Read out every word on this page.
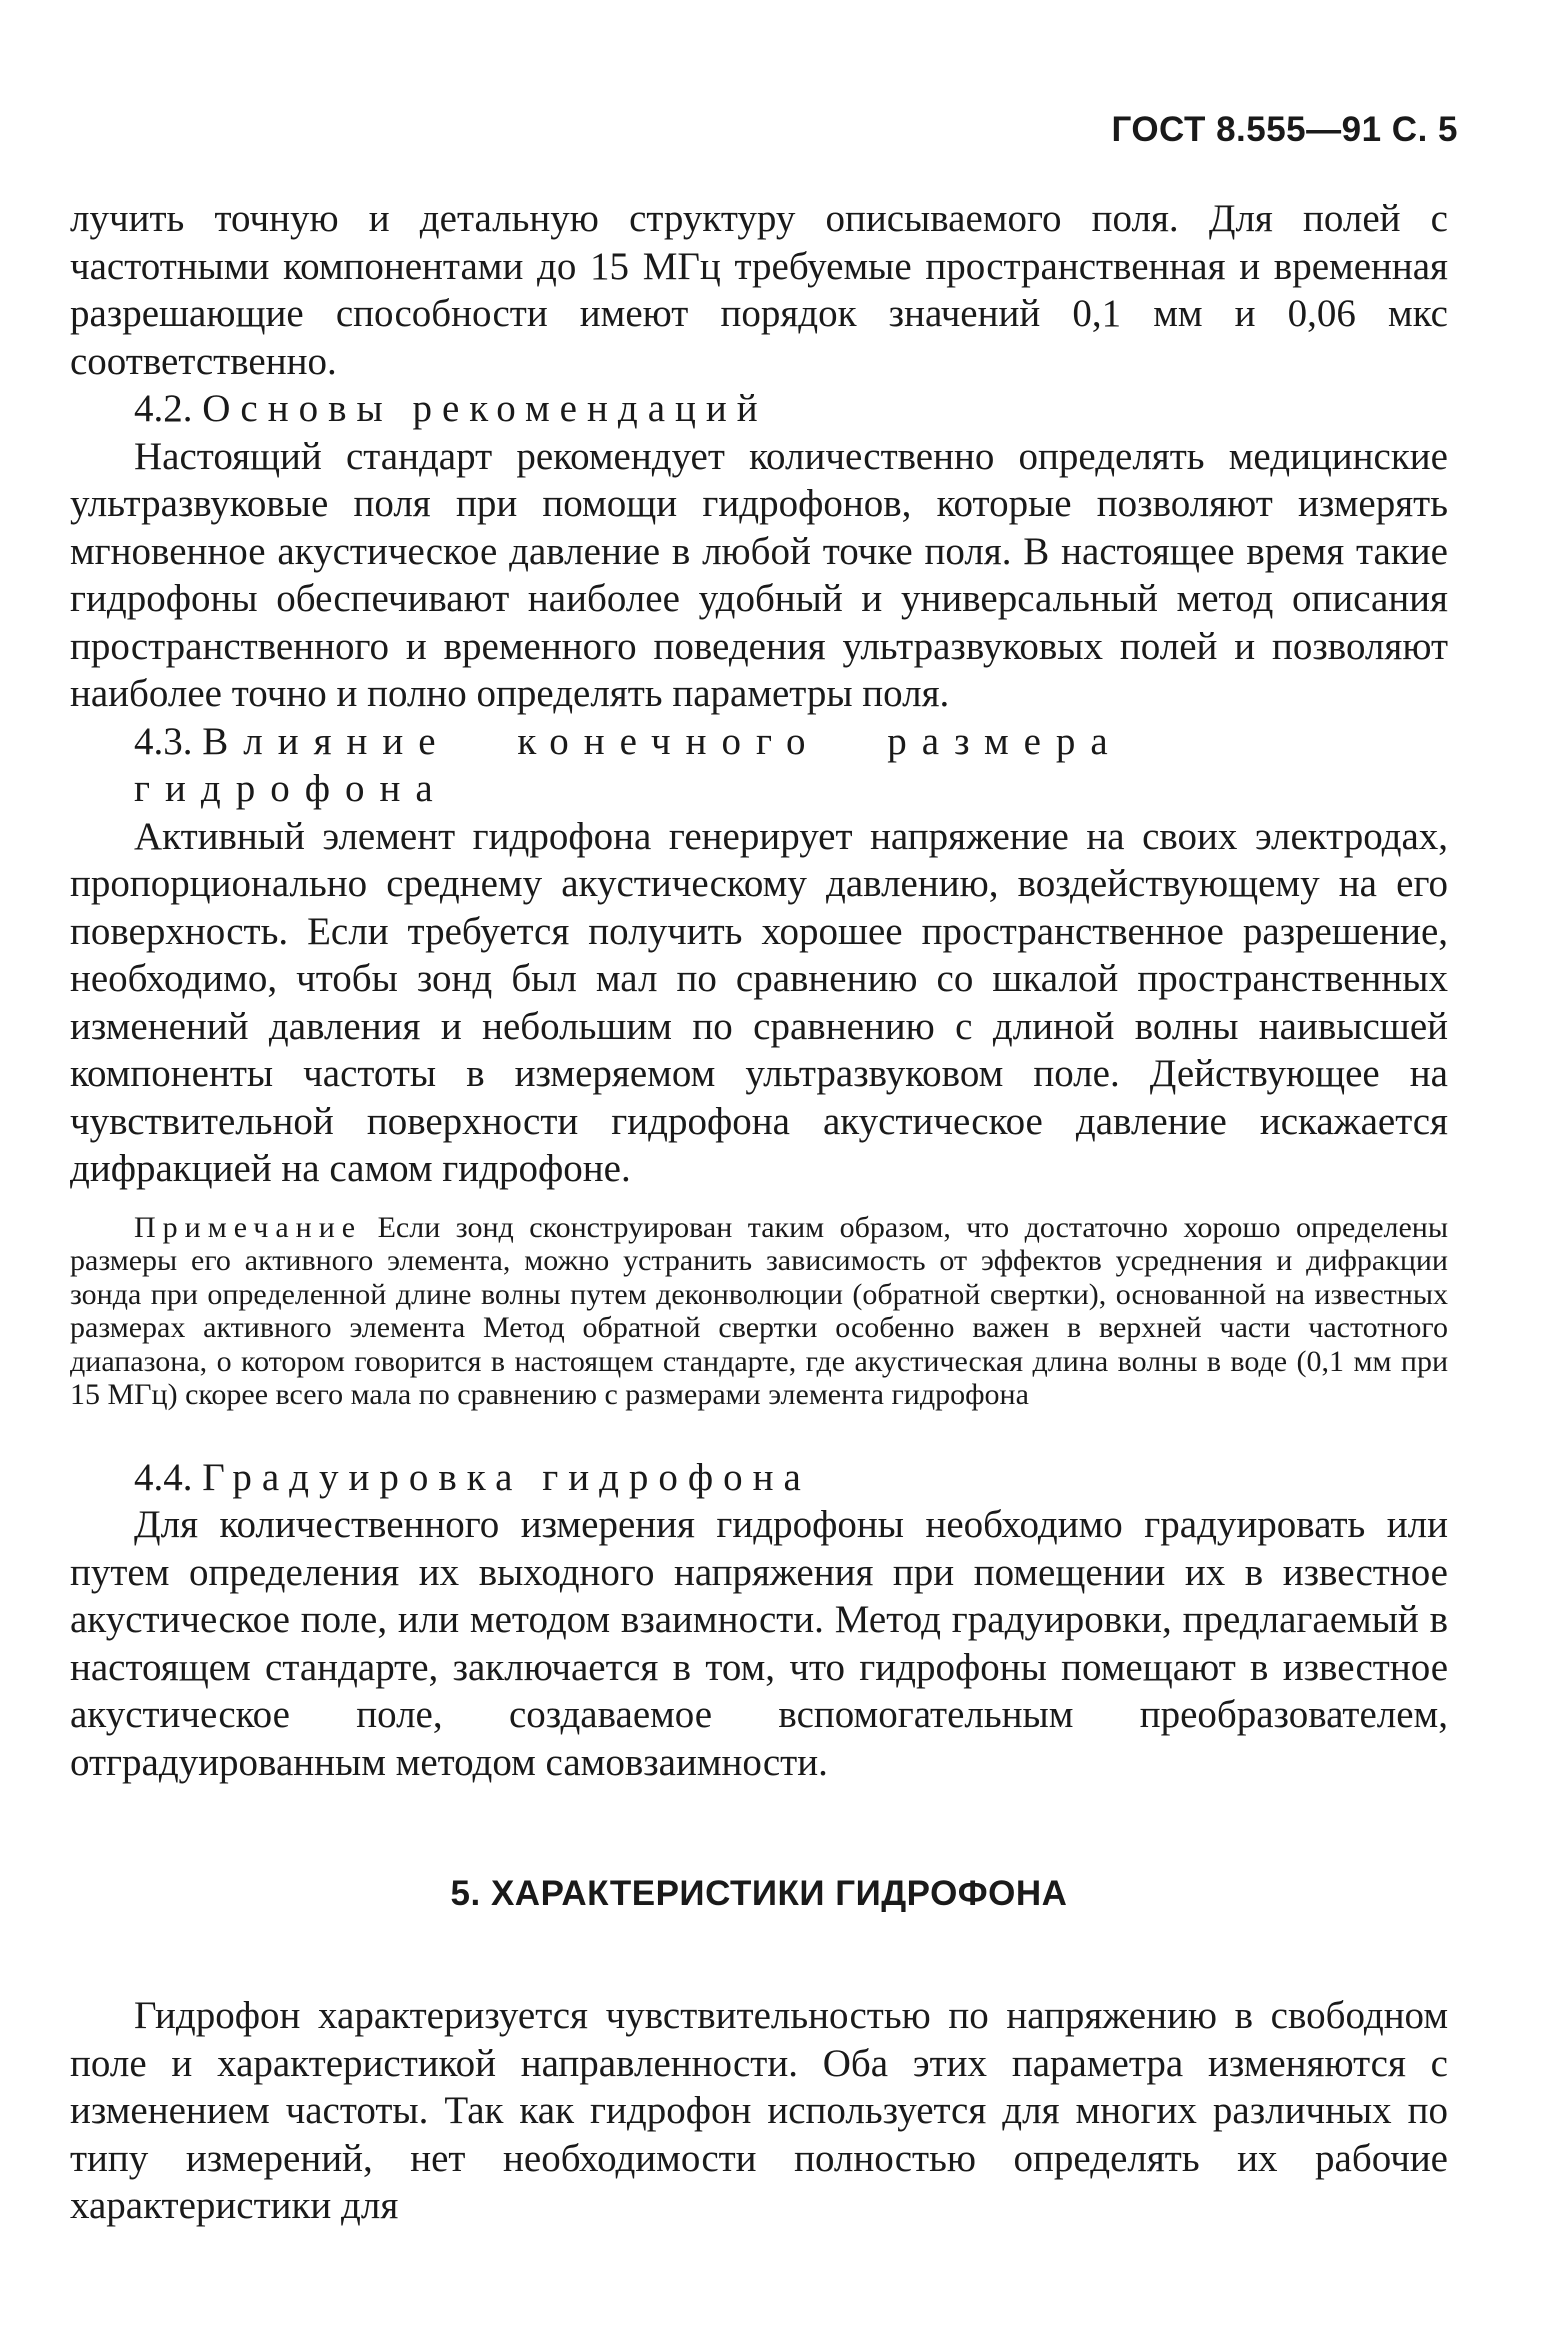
ГОСТ 8.555—91 С. 5

лучить точную и детальную структуру описываемого поля. Для полей с частотными компонентами до 15 МГц требуемые пространственная и временная разрешающие способности имеют порядок значений 0,1 мм и 0,06 мкс соответственно.

4.2. Основы рекомендаций

Настоящий стандарт рекомендует количественно определять медицинские ультразвуковые поля при помощи гидрофонов, которые позволяют измерять мгновенное акустическое давление в любой точке поля. В настоящее время такие гидрофоны обеспечивают наиболее удобный и универсальный метод описания пространственного и временного поведения ультразвуковых полей и позволяют наиболее точно и полно определять параметры поля.

4.3. Влияние конечного размера гидрофона

Активный элемент гидрофона генерирует напряжение на своих электродах, пропорционально среднему акустическому давлению, воздействующему на его поверхность. Если требуется получить хорошее пространственное разрешение, необходимо, чтобы зонд был мал по сравнению со шкалой пространственных изменений давления и небольшим по сравнению с длиной волны наивысшей компоненты частоты в измеряемом ультразвуковом поле. Действующее на чувствительной поверхности гидрофона акустическое давление искажается дифракцией на самом гидрофоне.

Примечание Если зонд сконструирован таким образом, что достаточно хорошо определены размеры его активного элемента, можно устранить зависимость от эффектов усреднения и дифракции зонда при определенной длине волны путем деконволюции (обратной свертки), основанной на известных размерах активного элемента Метод обратной свертки особенно важен в верхней части частотного диапазона, о котором говорится в настоящем стандарте, где акустическая длина волны в воде (0,1 мм при 15 МГц) скорее всего мала по сравнению с размерами элемента гидрофона
4.4. Градуировка гидрофона

Для количественного измерения гидрофоны необходимо градуировать или путем определения их выходного напряжения при помещении их в известное акустическое поле, или методом взаимности. Метод градуировки, предлагаемый в настоящем стандарте, заключается в том, что гидрофоны помещают в известное акустическое поле, создаваемое вспомогательным преобразователем, отградуированным методом самовзаимности.

5. ХАРАКТЕРИСТИКИ ГИДРОФОНА

Гидрофон характеризуется чувствительностью по напряжению в свободном поле и характеристикой направленности. Оба этих параметра изменяются с изменением частоты. Так как гидрофон используется для многих различных по типу измерений, нет необходимости полностью определять их рабочие характеристики для
